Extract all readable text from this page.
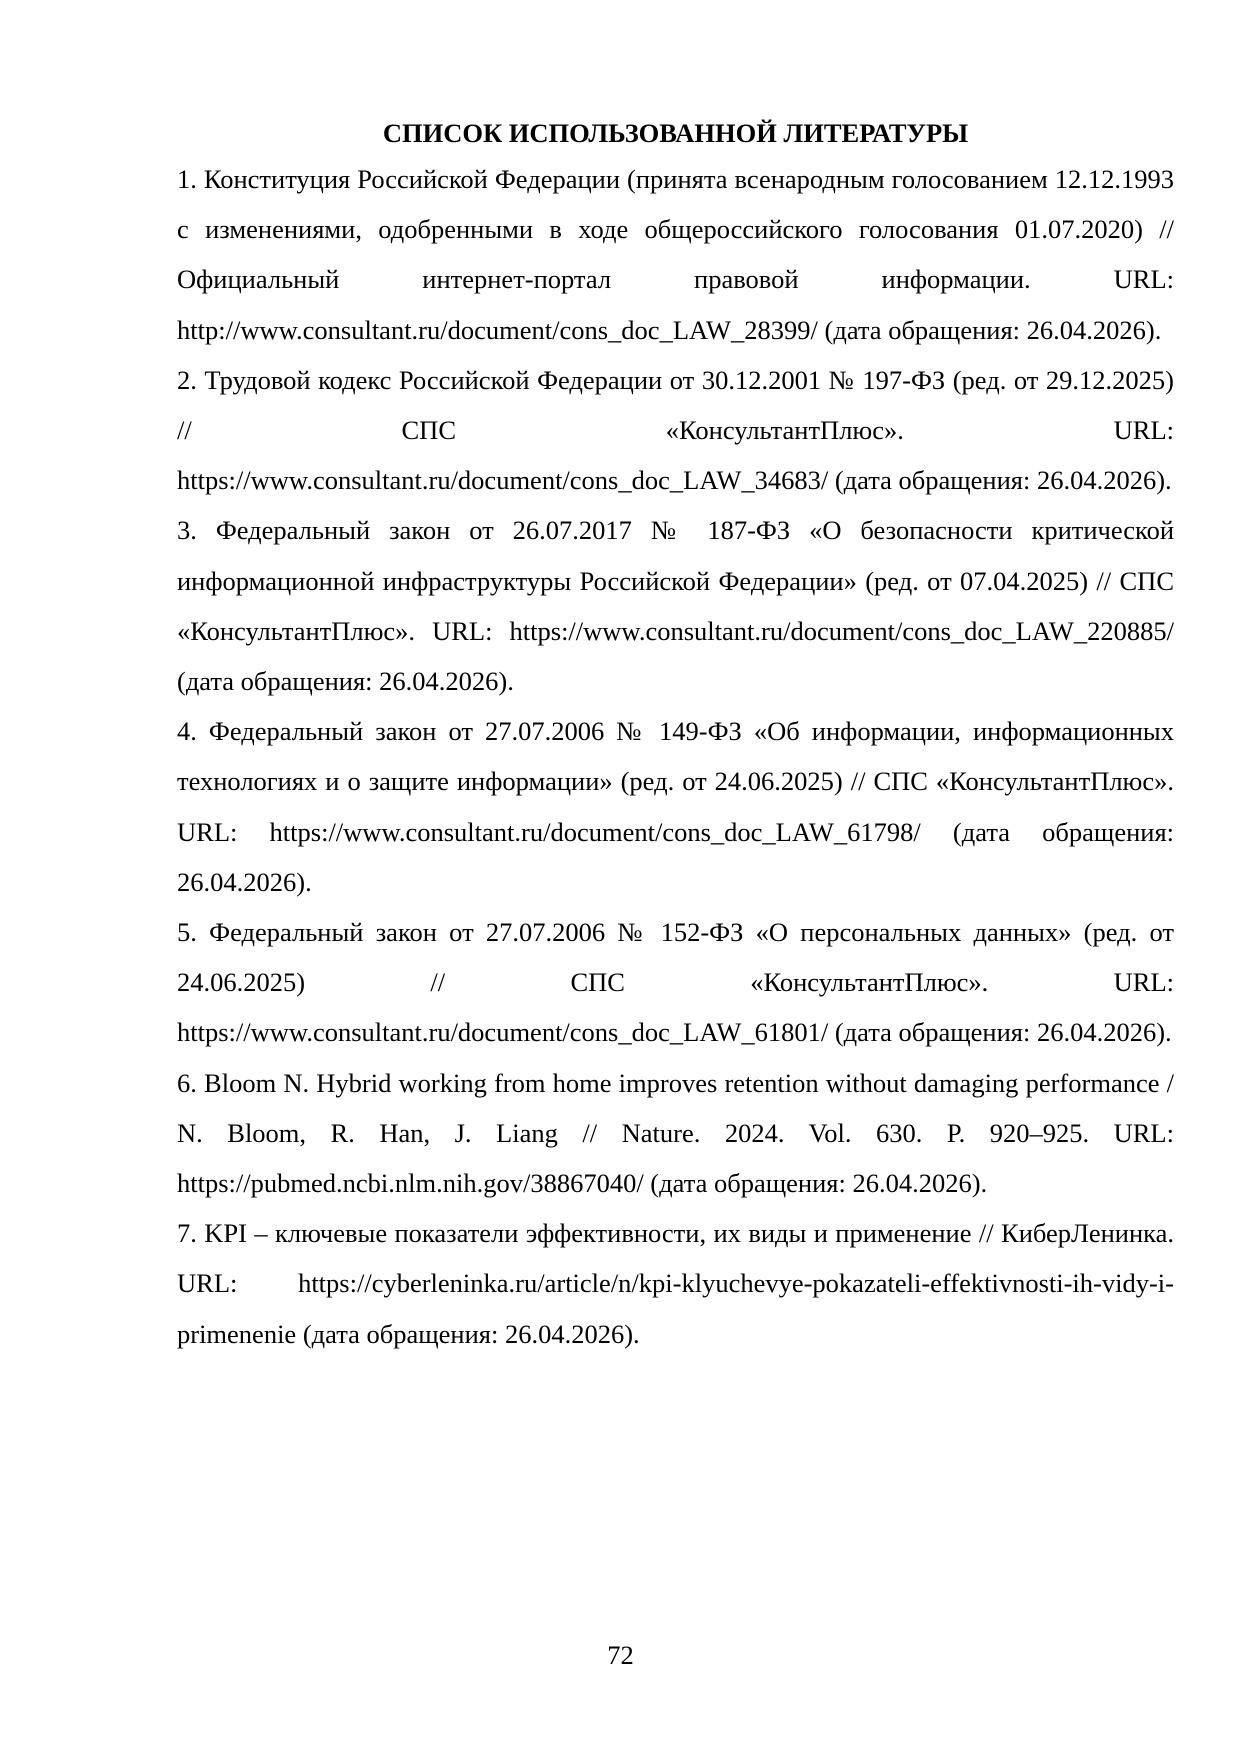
СПИСОК ИСПОЛЬЗОВАННОЙ ЛИТЕРАТУРЫ

1. Конституция Российской Федерации (принята всенародным голосованием 12.12.1993 с изменениями, одобренными в ходе общероссийского голосования 01.07.2020) // Официальный интернет-портал правовой информации. URL: http://www.consultant.ru/document/cons_doc_LAW_28399/ (дата обращения: 26.04.2026).

2. Трудовой кодекс Российской Федерации от 30.12.2001 № 197-ФЗ (ред. от 29.12.2025) // СПС «КонсультантПлюс». URL: https://www.consultant.ru/document/cons_doc_LAW_34683/ (дата обращения: 26.04.2026).

3. Федеральный закон от 26.07.2017 № 187-ФЗ «О безопасности критической информационной инфраструктуры Российской Федерации» (ред. от 07.04.2025) // СПС «КонсультантПлюс». URL: https://www.consultant.ru/document/cons_doc_LAW_220885/ (дата обращения: 26.04.2026).

4. Федеральный закон от 27.07.2006 № 149-ФЗ «Об информации, информационных технологиях и о защите информации» (ред. от 24.06.2025) // СПС «КонсультантПлюс». URL: https://www.consultant.ru/document/cons_doc_LAW_61798/ (дата обращения: 26.04.2026).

5. Федеральный закон от 27.07.2006 № 152-ФЗ «О персональных данных» (ред. от 24.06.2025) // СПС «КонсультантПлюс». URL: https://www.consultant.ru/document/cons_doc_LAW_61801/ (дата обращения: 26.04.2026).

6. Bloom N. Hybrid working from home improves retention without damaging performance / N. Bloom, R. Han, J. Liang // Nature. 2024. Vol. 630. P. 920–925. URL: https://pubmed.ncbi.nlm.nih.gov/38867040/ (дата обращения: 26.04.2026).

7. KPI – ключевые показатели эффективности, их виды и применение // КиберЛенинка. URL: https://cyberleninka.ru/article/n/kpi-klyuchevye-pokazateli-effektivnosti-ih-vidy-i-primenenie (дата обращения: 26.04.2026).

72
